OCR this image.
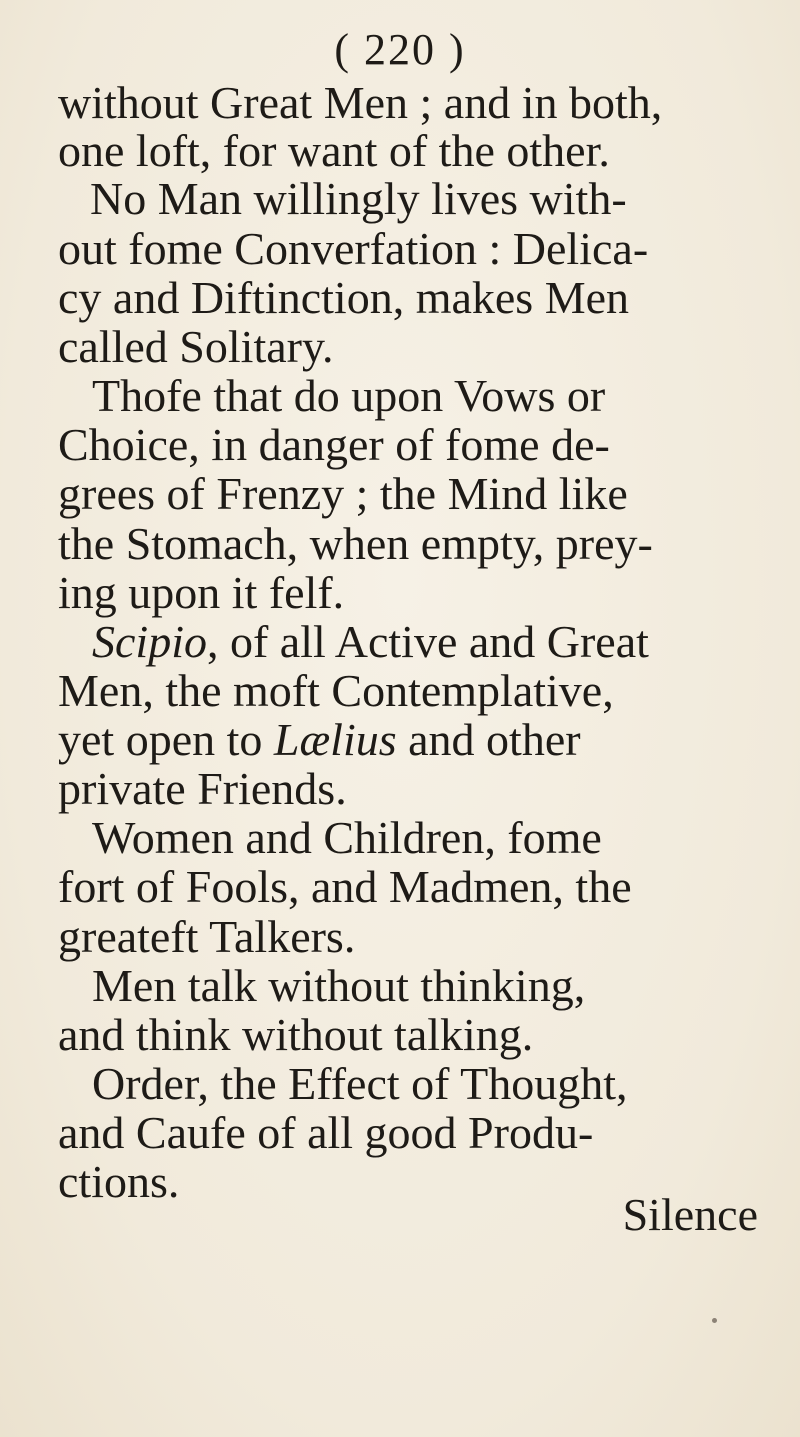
( 220 )
without Great Men ; and in both,
one loft, for want of the other.
No Man willingly lives with-
out fome Converfation : Delica-
cy and Diftinction, makes Men
called Solitary.
Thofe that do upon Vows or
Choice, in danger of fome de-
grees of Frenzy ; the Mind like
the Stomach, when empty, prey-
ing upon it felf.
Scipio, of all Active and Great
Men, the moft Contemplative,
yet open to Lælius and other
private Friends.
Women and Children, fome
fort of Fools, and Madmen, the
greateft Talkers.
Men talk without thinking,
and think without talking.
Order, the Effect of Thought,
and Caufe of all good Produ-
ctions.
Silence
